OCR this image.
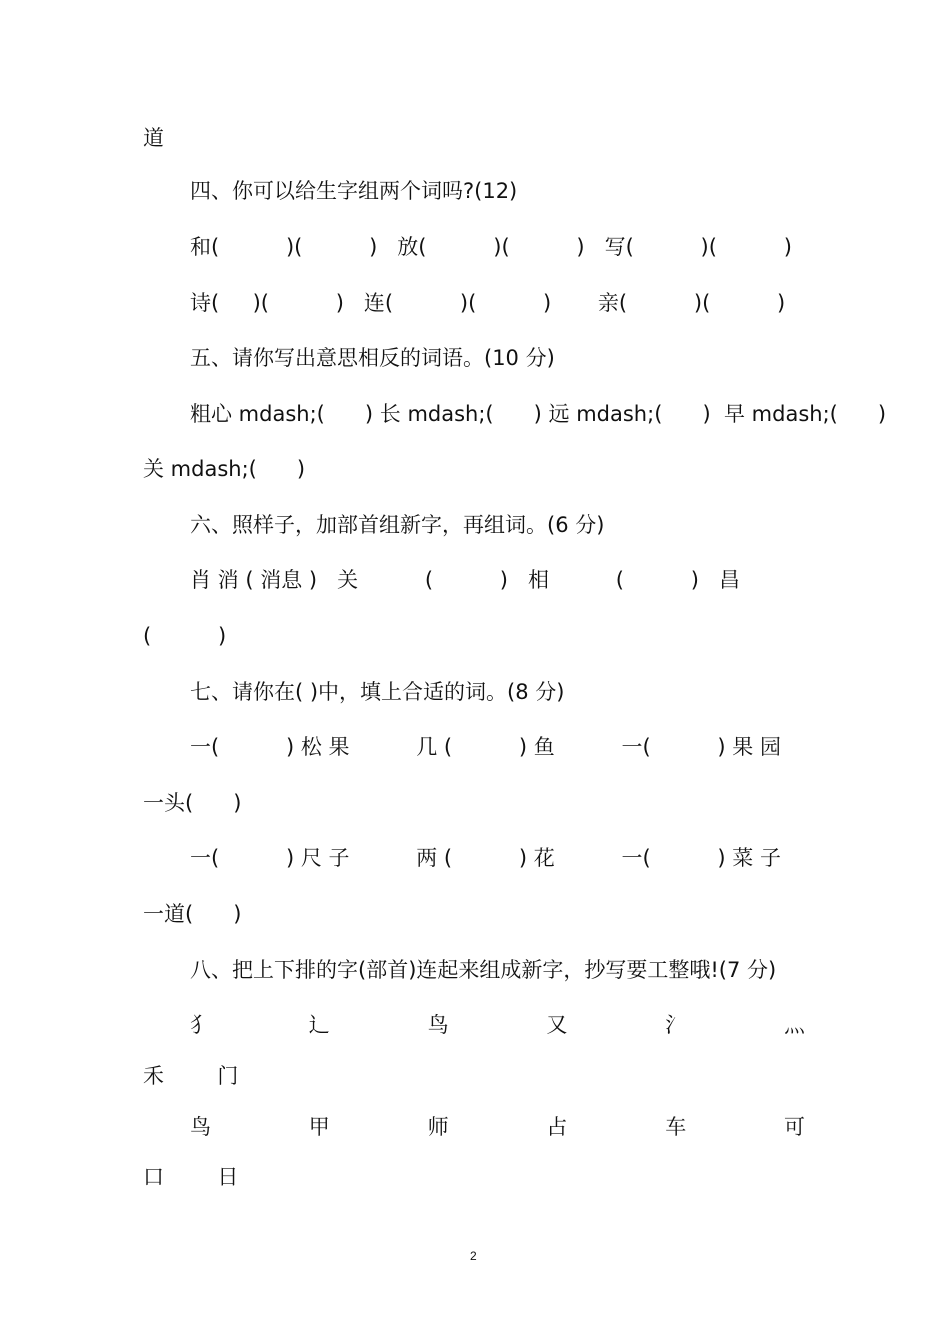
道
四、你可以给生字组两个词吗?(12)
和(          )(          )   放(          )(          )   写(          )(          )
诗(     )(          )   连(          )(          )       亲(          )(          )
五、请你写出意思相反的词语。(10 分)
粗心 mdash;(      ) 长 mdash;(      ) 远 mdash;(      )  早 mdash;(      )
关 mdash;(      )
六、照样子，加部首组新字，再组词。(6 分)
肖 消 ( 消息 )   关          (          )   相          (          )   昌
(          )
七、请你在( )中，填上合适的词。(8 分)
一(          ) 松 果          几 (          ) 鱼          一(          ) 果 园
一头(      )
一(          ) 尺 子          两 (          ) 花          一(          ) 菜 子
一道(      )
八、把上下排的字(部首)连起来组成新字，抄写要工整哦!(7 分)
犭	辶	鸟	又	氵	灬
禾        门
鸟	甲	师	占	车	可
口        日
2
